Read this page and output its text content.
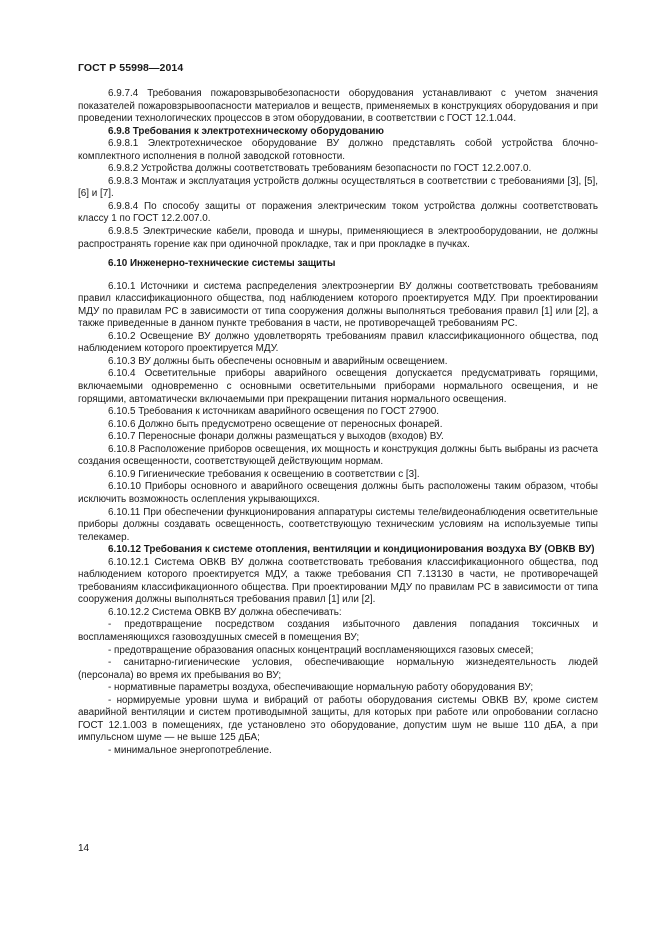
ГОСТ Р 55998—2014

6.9.7.4 Требования пожаровзрывобезопасности оборудования устанавливают с учетом значения показателей пожаровзрывоопасности материалов и веществ, применяемых в конструкциях оборудования и при проведении технологических процессов в этом оборудовании, в соответствии с ГОСТ 12.1.044.

6.9.8 Требования к электротехническому оборудованию

6.9.8.1 Электротехническое оборудование ВУ должно представлять собой устройства блочно-комплектного исполнения в полной заводской готовности.

6.9.8.2 Устройства должны соответствовать требованиям безопасности по ГОСТ 12.2.007.0.

6.9.8.3 Монтаж и эксплуатация устройств должны осуществляться в соответствии с требованиями [3], [5], [6] и [7].

6.9.8.4 По способу защиты от поражения электрическим током устройства должны соответствовать классу 1 по ГОСТ 12.2.007.0.

6.9.8.5 Электрические кабели, провода и шнуры, применяющиеся в электрооборудовании, не должны распространять горение как при одиночной прокладке, так и при прокладке в пучках.

6.10 Инженерно-технические системы защиты

6.10.1 Источники и система распределения электроэнергии ВУ должны соответствовать требованиям правил классификационного общества, под наблюдением которого проектируется МДУ. При проектировании МДУ по правилам РС в зависимости от типа сооружения должны выполняться требования правил [1] или [2], а также приведенные в данном пункте требования в части, не противоречащей требованиям РС.

6.10.2 Освещение ВУ должно удовлетворять требованиям правил классификационного общества, под наблюдением которого проектируется МДУ.

6.10.3 ВУ должны быть обеспечены основным и аварийным освещением.

6.10.4 Осветительные приборы аварийного освещения допускается предусматривать горящими, включаемыми одновременно с основными осветительными приборами нормального освещения, и не горящими, автоматически включаемыми при прекращении питания нормального освещения.

6.10.5 Требования к источникам аварийного освещения по ГОСТ 27900.

6.10.6 Должно быть предусмотрено освещение от переносных фонарей.

6.10.7 Переносные фонари должны размещаться у выходов (входов) ВУ.

6.10.8 Расположение приборов освещения, их мощность и конструкция должны быть выбраны из расчета создания освещенности, соответствующей действующим нормам.

6.10.9 Гигиенические требования к освещению в соответствии с [3].

6.10.10 Приборы основного и аварийного освещения должны быть расположены таким образом, чтобы исключить возможность ослепления укрывающихся.

6.10.11 При обеспечении функционирования аппаратуры системы теле/видеонаблюдения осветительные приборы должны создавать освещенность, соответствующую техническим условиям на используемые типы телекамер.

6.10.12 Требования к системе отопления, вентиляции и кондиционирования воздуха ВУ (ОВКВ ВУ)

6.10.12.1 Система ОВКВ ВУ должна соответствовать требования классификационного общества, под наблюдением которого проектируется МДУ, а также требования СП 7.13130 в части, не противоречащей требованиям классификационного общества. При проектировании МДУ по правилам РС в зависимости от типа сооружения должны выполняться требования правил [1] или [2].

6.10.12.2 Система ОВКВ ВУ должна обеспечивать:

- предотвращение посредством создания избыточного давления попадания токсичных и воспламеняющихся газовоздушных смесей в помещения ВУ;

- предотвращение образования опасных концентраций воспламеняющихся газовых смесей;

- санитарно-гигиенические условия, обеспечивающие нормальную жизнедеятельность людей (персонала) во время их пребывания во ВУ;

- нормативные параметры воздуха, обеспечивающие нормальную работу оборудования ВУ;

- нормируемые уровни шума и вибраций от работы оборудования системы ОВКВ ВУ, кроме систем аварийной вентиляции и систем противодымной защиты, для которых при работе или опробовании согласно ГОСТ 12.1.003 в помещениях, где установлено это оборудование, допустим шум не выше 110 дБА, а при импульсном шуме — не выше 125 дБА;

- минимальное энергопотребление.

14
